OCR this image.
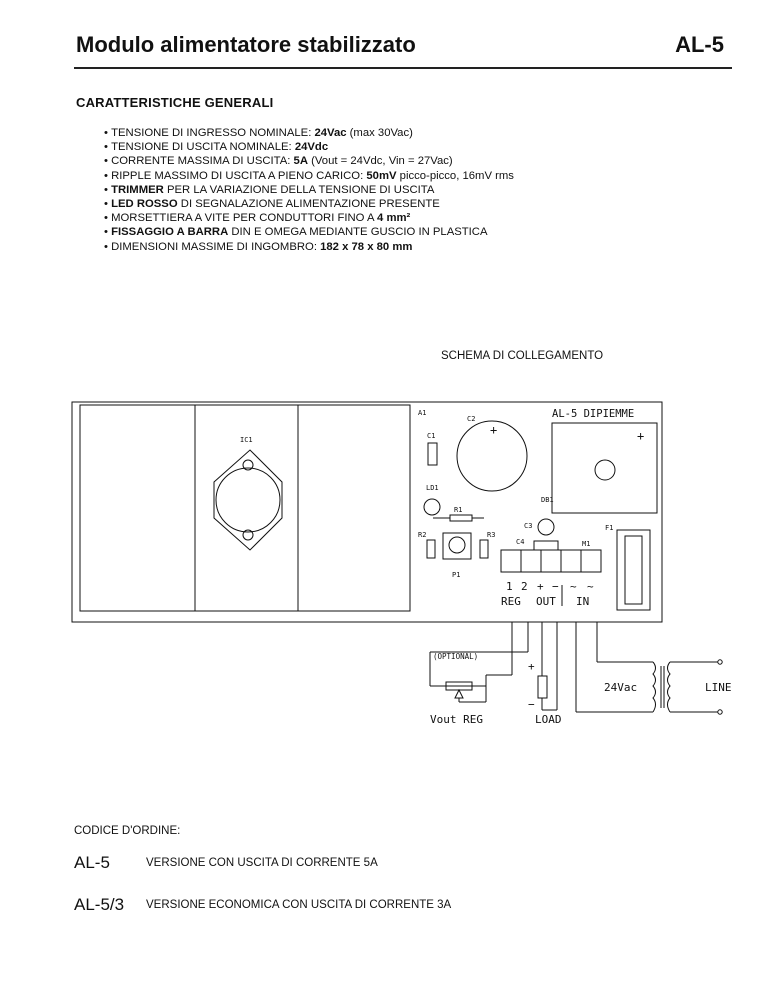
Modulo alimentatore stabilizzato	AL-5
CARATTERISTICHE GENERALI
• TENSIONE DI INGRESSO NOMINALE: 24Vac (max 30Vac)
• TENSIONE DI USCITA NOMINALE: 24Vdc
• CORRENTE MASSIMA DI USCITA: 5A (Vout = 24Vdc, Vin = 27Vac)
• RIPPLE MASSIMO DI USCITA A PIENO CARICO: 50mV picco-picco, 16mV rms
• TRIMMER PER LA VARIAZIONE DELLA TENSIONE DI USCITA
• LED ROSSO DI SEGNALAZIONE ALIMENTAZIONE PRESENTE
• MORSETTIERA A VITE PER CONDUTTORI FINO A 4 mm²
• FISSAGGIO A BARRA DIN E OMEGA MEDIANTE GUSCIO IN PLASTICA
• DIMENSIONI MASSIME DI INGOMBRO: 182 x 78 x 80 mm
SCHEMA DI COLLEGAMENTO
A1
C2
+
AL-5 DIPIEMME
+
IC1	C1
LD1
DB1
R1
C3	F1
R2	R3
C4	M1
P1
1 2 + − ~ ~
REG OUT IN
(OPTIONAL)
+
−
Vout REG	LOAD
24Vac	LINE
CODICE D'ORDINE:
AL-5	VERSIONE CON USCITA DI CORRENTE 5A
AL-5/3 VERSIONE ECONOMICA CON USCITA DI CORRENTE 3A
